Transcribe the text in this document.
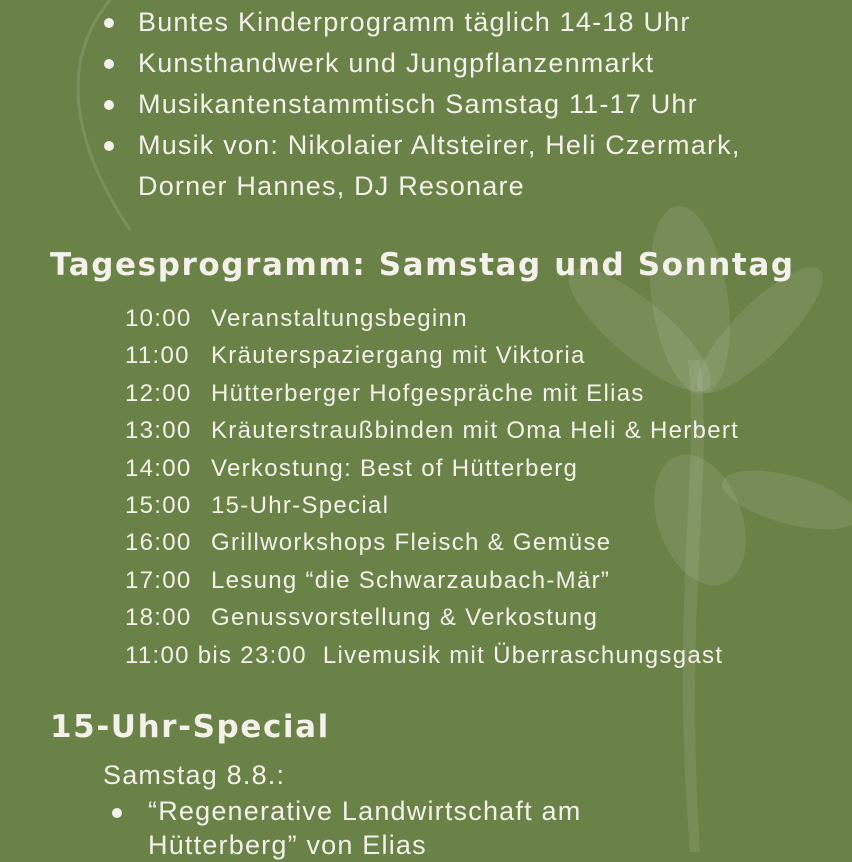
Buntes Kinderprogramm täglich 14-18 Uhr
Kunsthandwerk und Jungpflanzenmarkt
Musikantenstammtisch Samstag 11-17 Uhr
Musik von: Nikolaier Altsteirer, Heli Czermark,
Dorner Hannes, DJ Resonare
Tagesprogramm: Samstag und Sonntag
10:00 Veranstaltungsbeginn
11:00 Kräuterspaziergang mit Viktoria
12:00 Hütterberger Hofgespräche mit Elias
13:00 Kräuterstraußbinden mit Oma Heli & Herbert
14:00 Verkostung: Best of Hütterberg
15:00 15-Uhr-Special
16:00 Grillworkshops Fleisch & Gemüse
17:00 Lesung “die Schwarzaubach-Mär”
18:00 Genussvorstellung & Verkostung
11:00 bis 23:00 Livemusik mit Überraschungsgast
15-Uhr-Special
Samstag 8.8.:
“Regenerative Landwirtschaft am
Hütterberg” von Elias
